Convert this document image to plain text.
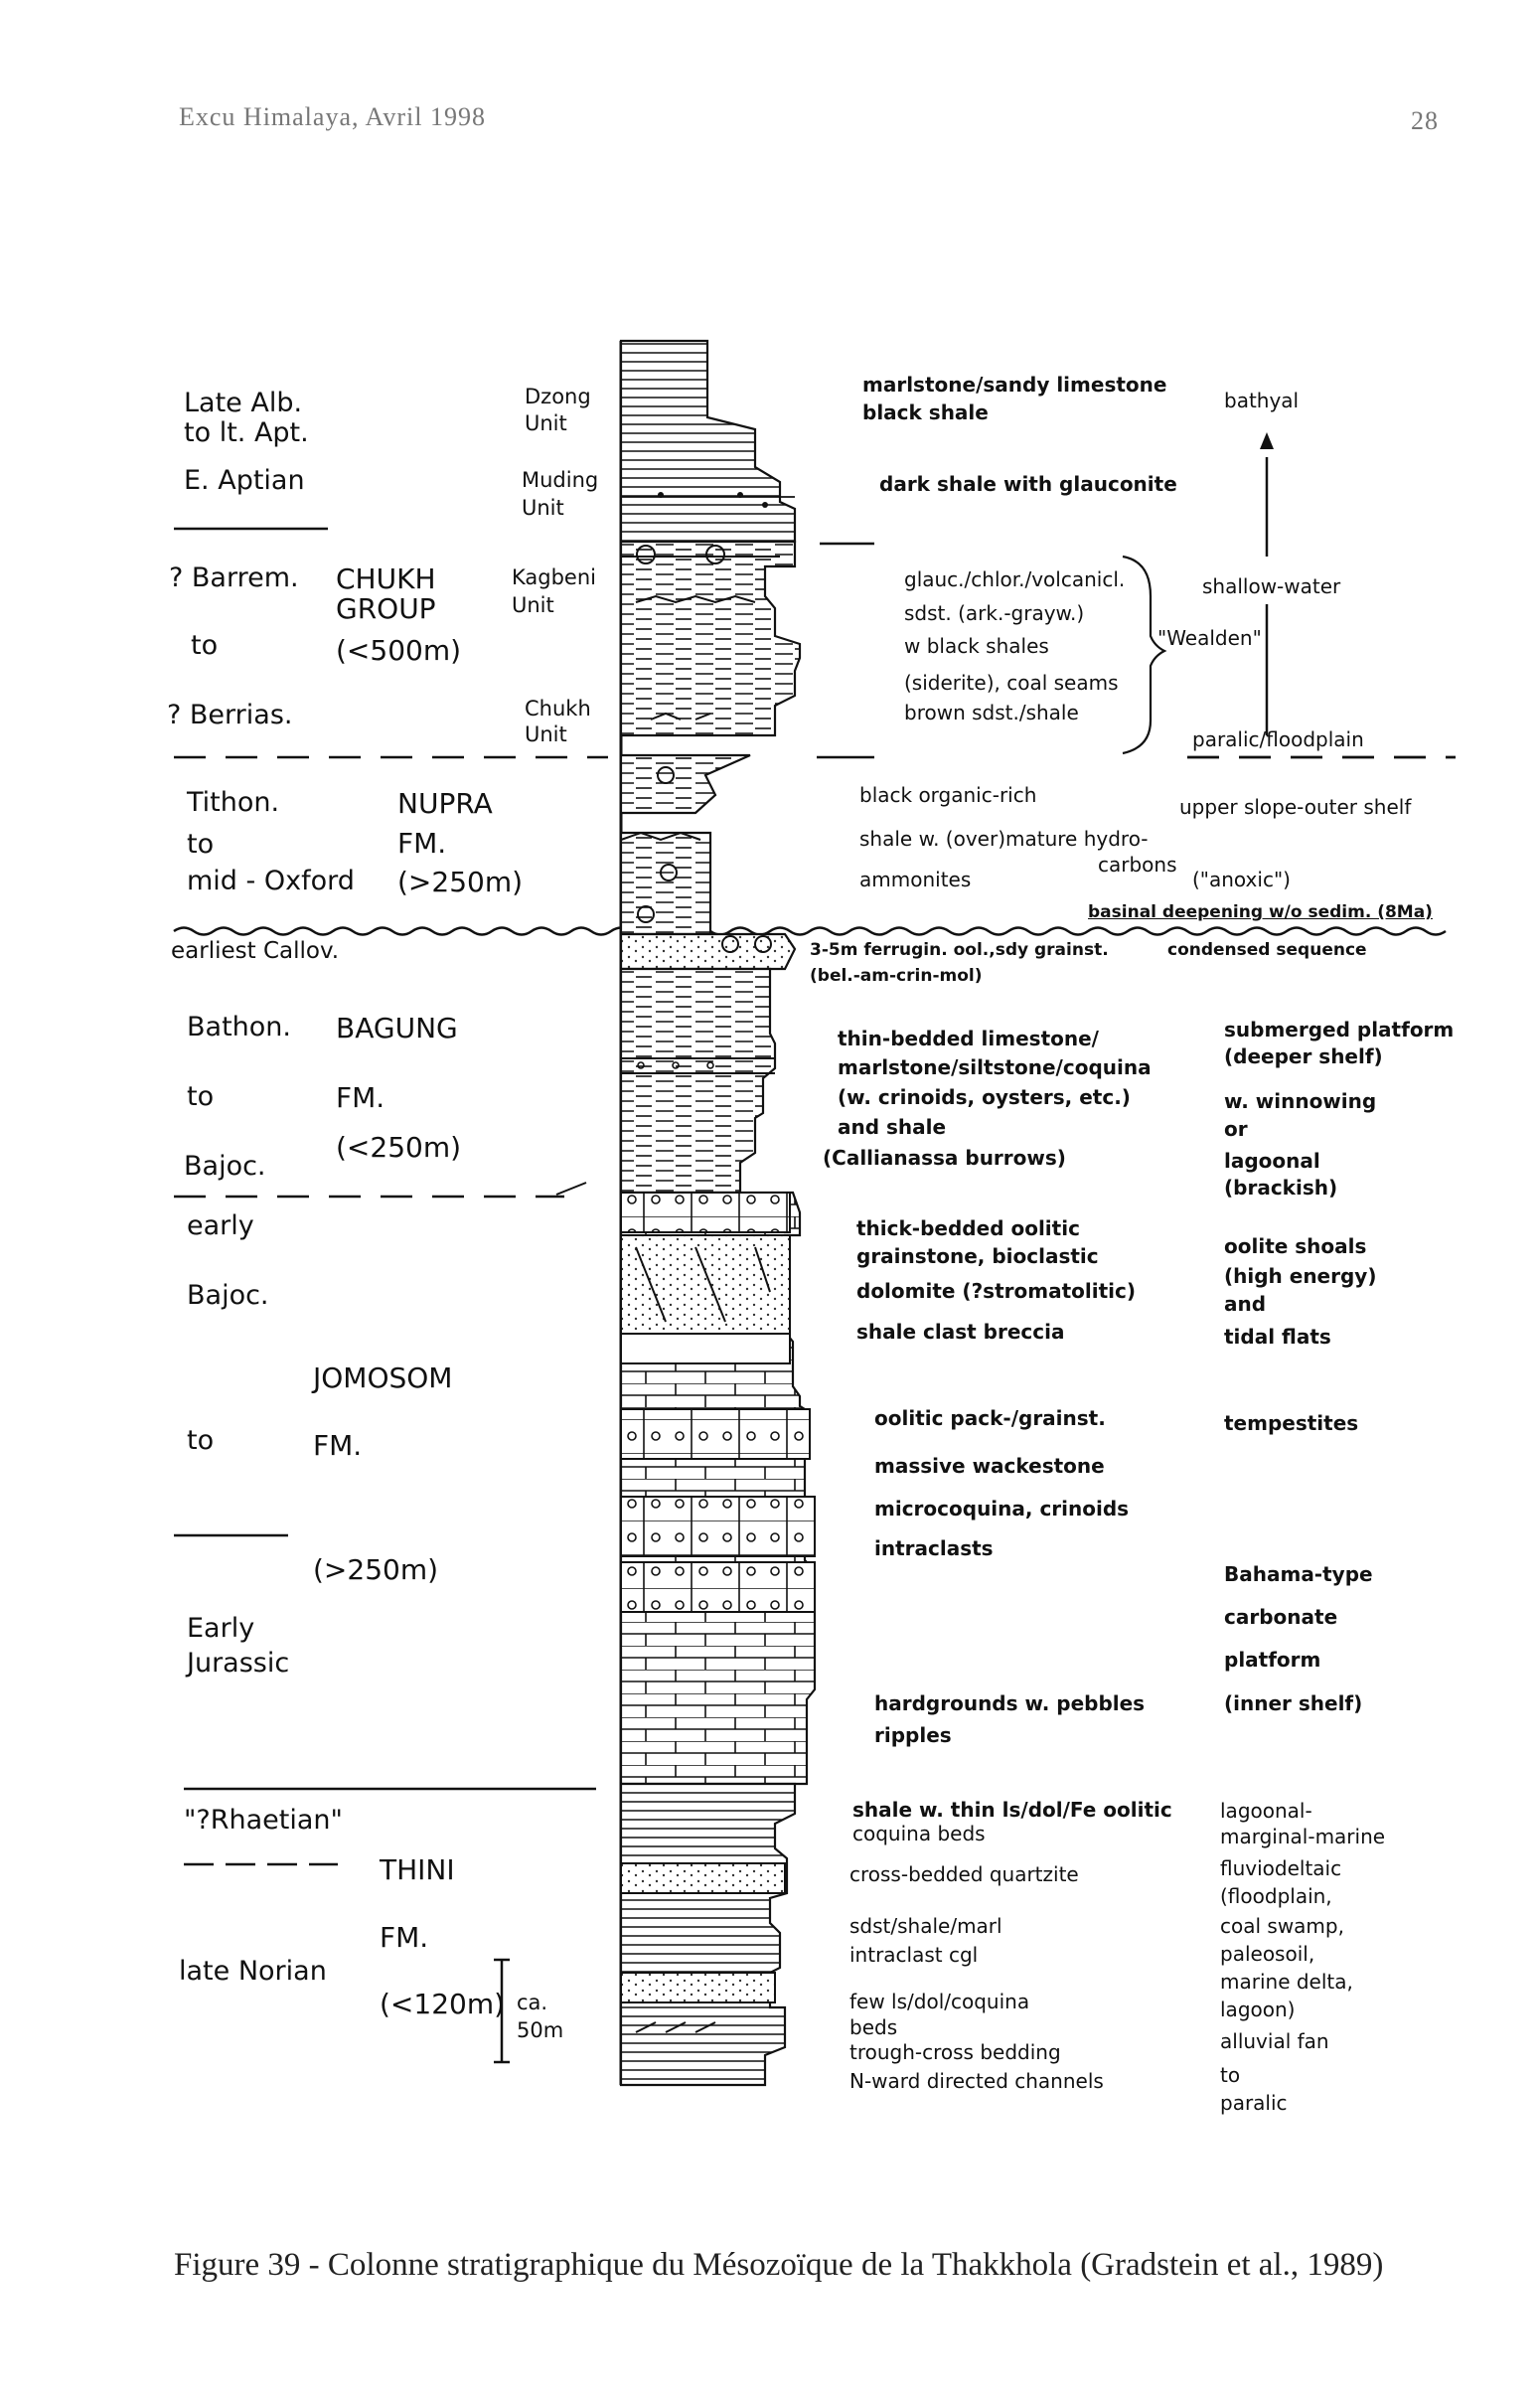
Excu Himalaya, Avril 1998	28
Late Alb.
to lt. Apt.
E. Aptian
? Barrem.
to
? Berrias.
Tithon.
to
mid - Oxford
earliest Callov.
Bathon.
to
Bajoc.
early
Bajoc.
to
Early
Jurassic
"?Rhaetian"
late Norian
CHUKH
GROUP
(<500m)
NUPRA
FM.
(>250m)
BAGUNG
FM.
(<250m)
JOMOSOM
FM.
(>250m)
THINI
FM.
(<120m) ca.
50m
Dzong
Unit
Muding
Unit
Kagbeni
Unit
Chukh
Unit
marlstone/sandy limestone
black shale
dark shale with glauconite
glauc./chlor./volcanicl.
sdst. (ark.-grayw.)
w black shales
(siderite), coal seams
brown sdst./shale
black organic-rich
shale w. (over)mature hydro-
carbons
ammonites
3-5m ferrugin. ool.,sdy grainst.
(bel.-am-crin-mol)
thin-bedded limestone/
marlstone/siltstone/coquina
(w. crinoids, oysters, etc.)
and shale
(Callianassa burrows)
thick-bedded oolitic
grainstone, bioclastic
dolomite (?stromatolitic)
shale clast breccia
oolitic pack-/grainst.
massive wackestone
microcoquina, crinoids
intraclasts
hardgrounds w. pebbles
ripples
shale w. thin ls/dol/Fe oolitic
coquina beds
cross-bedded quartzite
sdst/shale/marl
intraclast cgl
few ls/dol/coquina
beds
trough-cross bedding
N-ward directed channels
bathyal
shallow-water
"Wealden"
paralic/floodplain
upper slope-outer shelf
("anoxic")
basinal deepening w/o sedim. (8Ma)
condensed sequence
submerged platform
(deeper shelf)
w. winnowing
or
lagoonal
(brackish)
oolite shoals
(high energy)
and
tidal flats
tempestites
Bahama-type
carbonate
platform
(inner shelf)
lagoonal-
marginal-marine
fluviodeltaic
(floodplain,
coal swamp,
paleosoil,
marine delta,
lagoon)
alluvial fan
to
paralic
Figure 39 - Colonne stratigraphique du Mésozoïque de la Thakkhola (Gradstein et al., 1989)
